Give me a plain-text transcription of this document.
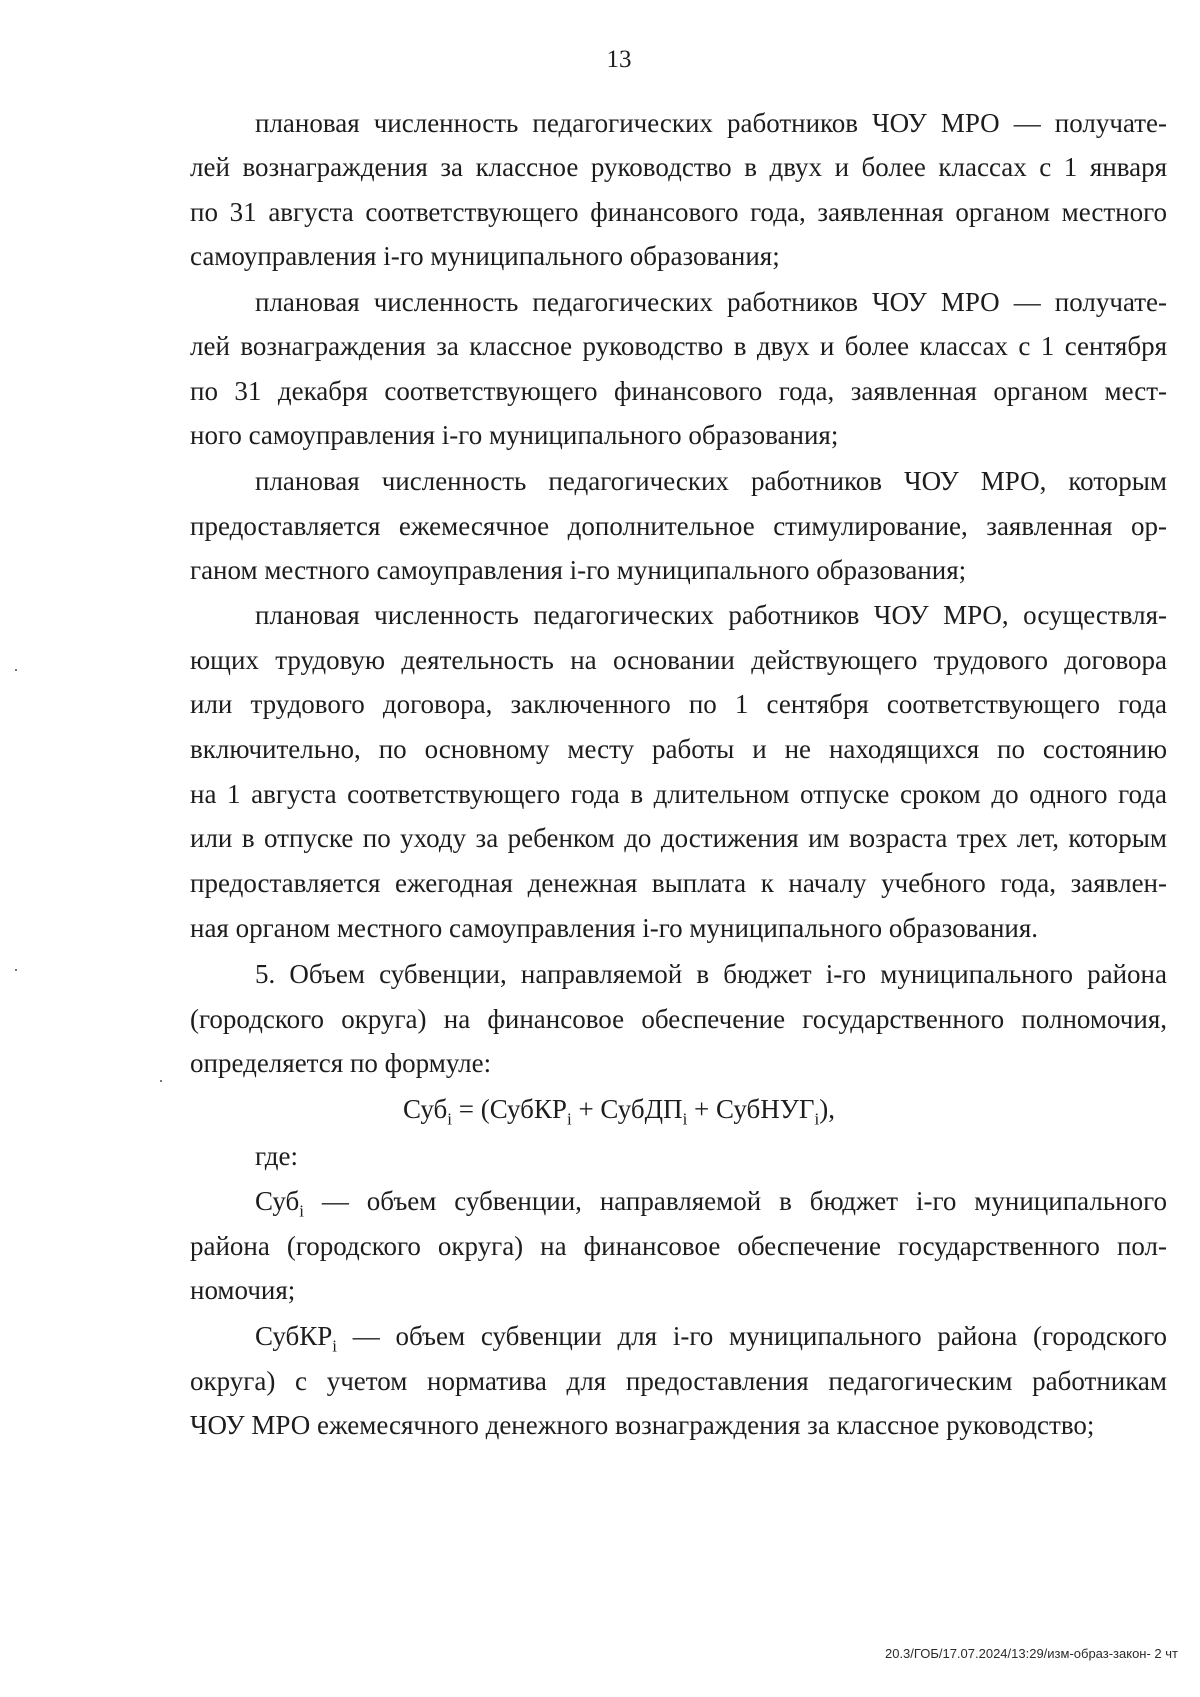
13
плановая численность педагогических работников ЧОУ МРО — получате-
лей вознаграждения за классное руководство в двух и более классах с 1 января
по 31 августа соответствующего финансового года, заявленная органом местного
самоуправления i-го муниципального образования;
плановая численность педагогических работников ЧОУ МРО — получате-
лей вознаграждения за классное руководство в двух и более классах с 1 сентября
по 31 декабря соответствующего финансового года, заявленная органом мест-
ного самоуправления i-го муниципального образования;
плановая численность педагогических работников ЧОУ МРО, которым
предоставляется ежемесячное дополнительное стимулирование, заявленная ор-
ганом местного самоуправления i-го муниципального образования;
плановая численность педагогических работников ЧОУ МРО, осуществля-
ющих трудовую деятельность на основании действующего трудового договора
или трудового договора, заключенного по 1 сентября соответствующего года
включительно, по основному месту работы и не находящихся по состоянию
на 1 августа соответствующего года в длительном отпуске сроком до одного года
или в отпуске по уходу за ребенком до достижения им возраста трех лет, которым
предоставляется ежегодная денежная выплата к началу учебного года, заявлен-
ная органом местного самоуправления i-го муниципального образования.
5. Объем субвенции, направляемой в бюджет i-го муниципального района
(городского округа) на финансовое обеспечение государственного полномочия,
определяется по формуле:
Суб$_i$ = (СубКР$_i$ + СубДП$_i$ + СубНУГ$_i$),
где:
Суб$_i$ — объем субвенции, направляемой в бюджет i-го муниципального
района (городского округа) на финансовое обеспечение государственного пол-
номочия;
СубКР$_i$ — объем субвенции для i-го муниципального района (городского
округа) с учетом норматива для предоставления педагогическим работникам
ЧОУ МРО ежемесячного денежного вознаграждения за классное руководство;
20.3/ГОБ/17.07.2024/13:29/изм-образ-закон- 2 чт
